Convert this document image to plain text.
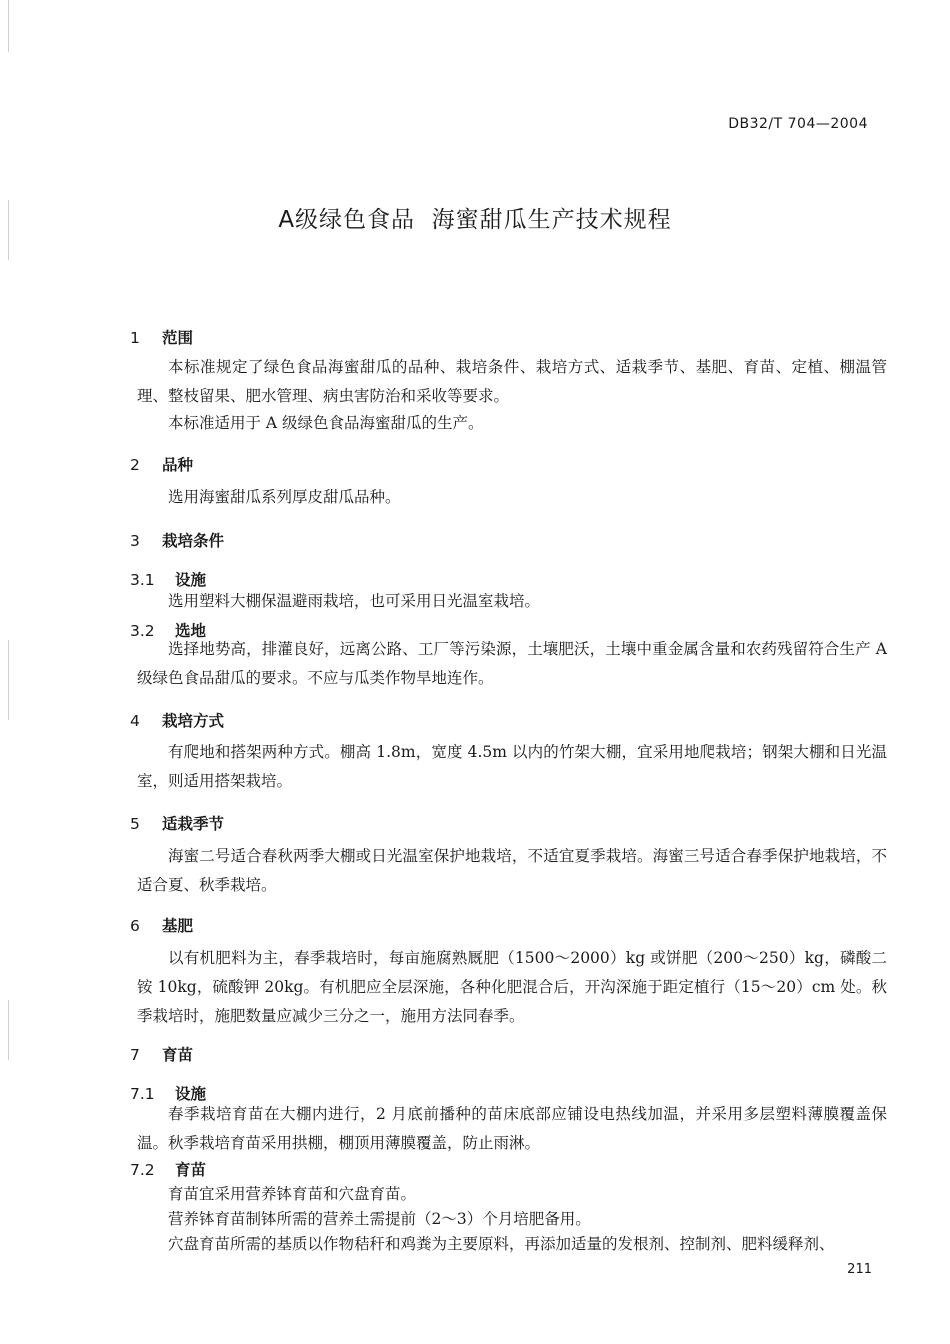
DB32/T 704—2004
A级绿色食品  海蜜甜瓜生产技术规程
1 范围
本标准规定了绿色食品海蜜甜瓜的品种、栽培条件、栽培方式、适栽季节、基肥、育苗、定植、棚温管理、整枝留果、肥水管理、病虫害防治和采收等要求。
本标准适用于 A 级绿色食品海蜜甜瓜的生产。
2 品种
选用海蜜甜瓜系列厚皮甜瓜品种。
3 栽培条件
3.1 设施
选用塑料大棚保温避雨栽培，也可采用日光温室栽培。
3.2 选地
选择地势高，排灌良好，远离公路、工厂等污染源，土壤肥沃，土壤中重金属含量和农药残留符合生产 A 级绿色食品甜瓜的要求。不应与瓜类作物旱地连作。
4 栽培方式
有爬地和搭架两种方式。棚高 1.8m，宽度 4.5m 以内的竹架大棚，宜采用地爬栽培；钢架大棚和日光温室，则适用搭架栽培。
5 适栽季节
海蜜二号适合春秋两季大棚或日光温室保护地栽培，不适宜夏季栽培。海蜜三号适合春季保护地栽培，不适合夏、秋季栽培。
6 基肥
以有机肥料为主，春季栽培时，每亩施腐熟厩肥（1500～2000）kg 或饼肥（200～250）kg，磷酸二铵 10kg，硫酸钾 20kg。有机肥应全层深施，各种化肥混合后，开沟深施于距定植行（15～20）cm 处。秋季栽培时，施肥数量应减少三分之一，施用方法同春季。
7 育苗
7.1 设施
春季栽培育苗在大棚内进行，2 月底前播种的苗床底部应铺设电热线加温，并采用多层塑料薄膜覆盖保温。秋季栽培育苗采用拱棚，棚顶用薄膜覆盖，防止雨淋。
7.2 育苗
育苗宜采用营养钵育苗和穴盘育苗。
营养钵育苗制钵所需的营养土需提前（2～3）个月培肥备用。
穴盘育苗所需的基质以作物秸秆和鸡粪为主要原料，再添加适量的发根剂、控制剂、肥料缓释剂、
211
